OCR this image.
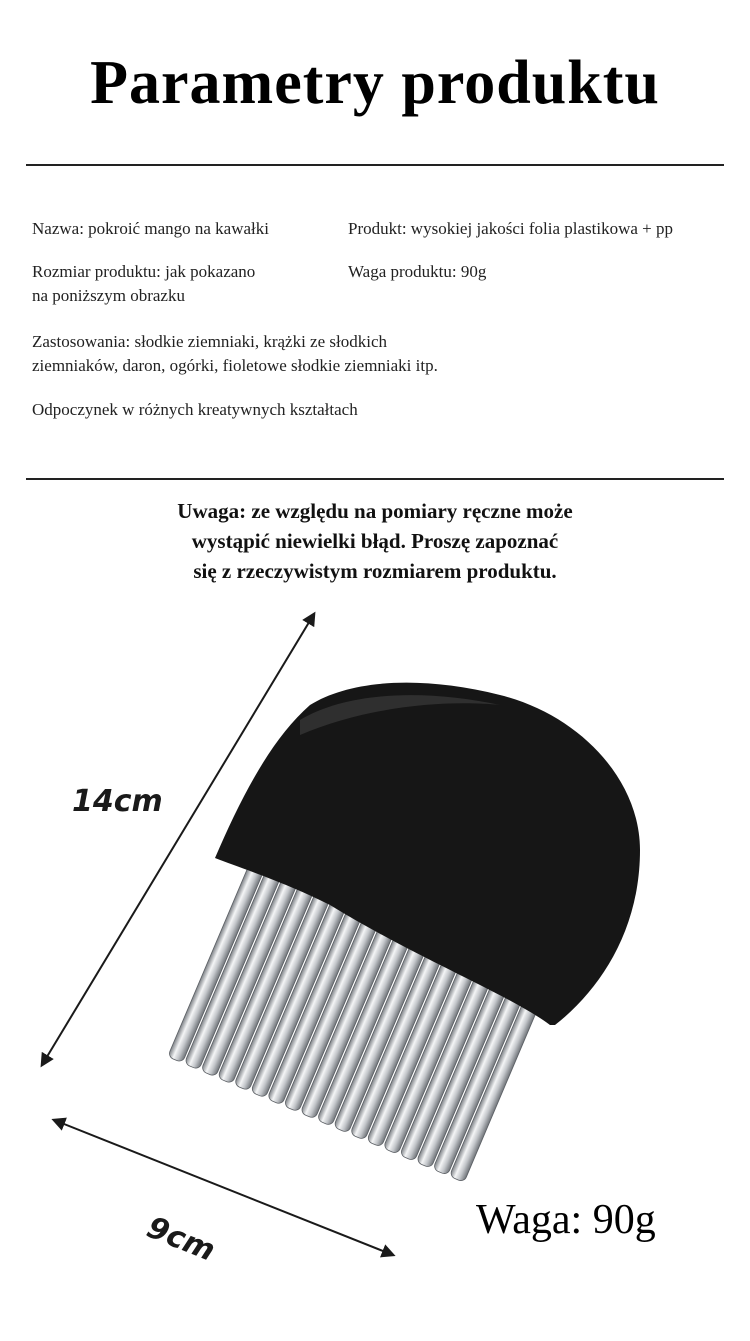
Parametry produktu
Nazwa: pokroić mango na kawałki	Produkt: wysokiej jakości folia plastikowa + pp
Rozmiar produktu: jak pokazano
na poniższym obrazku
Waga produktu: 90g
Zastosowania: słodkie ziemniaki, krążki ze słodkich
ziemniaków, daron, ogórki, fioletowe słodkie ziemniaki itp.
Odpoczynek w różnych kreatywnych kształtach
Uwaga: ze względu na pomiary ręczne może
wystąpić niewielki błąd. Proszę zapoznać
się z rzeczywistym rozmiarem produktu.
14cm
9cm	Waga: 90g
